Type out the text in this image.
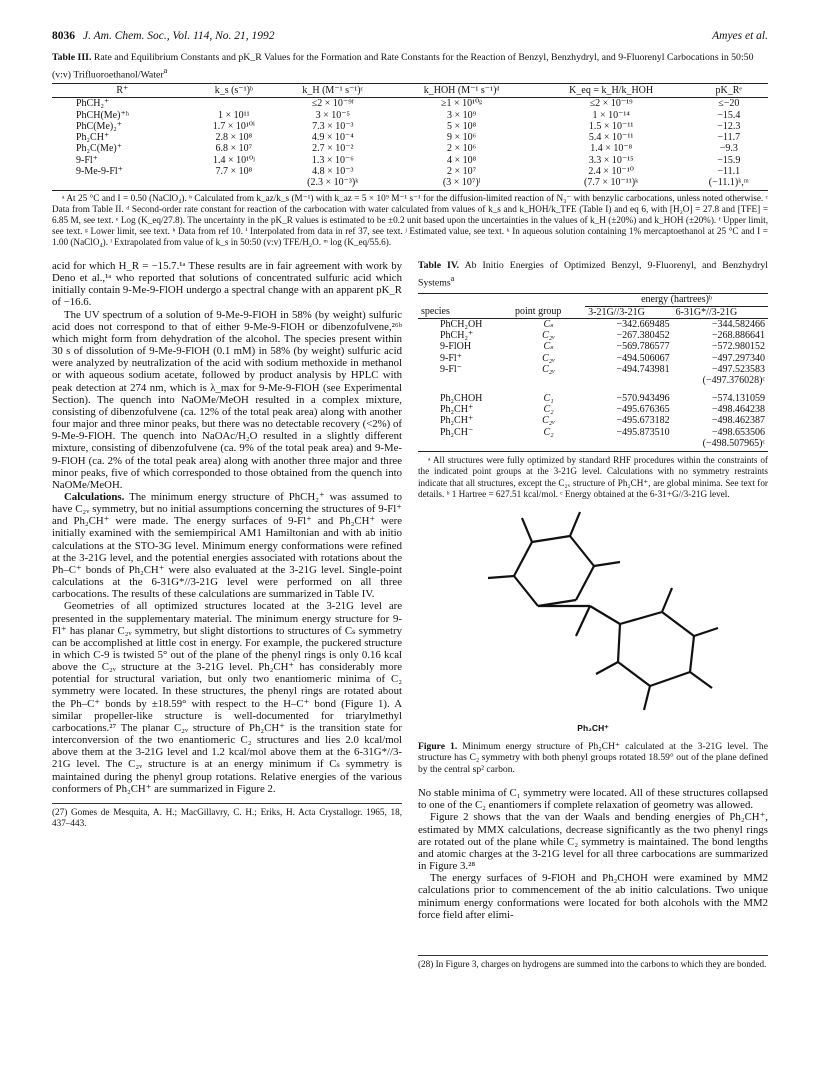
8036 J. Am. Chem. Soc., Vol. 114, No. 21, 1992	Amyes et al.
Table III. Rate and Equilibrium Constants and pK_R Values for the Formation and Rate Constants for the Reaction of Benzyl, Benzhydryl, and 9-Fluorenyl Carbocations in 50:50 (v:v) Trifluoroethanol/Water$^a$
R⁺	k_s (s⁻¹)ᵇ	k_H (M⁻¹ s⁻¹)ᶜ	k_HOH (M⁻¹ s⁻¹)ᵈ	K_eq = k_H/k_HOH	pK_Rᵉ
PhCH₂⁺		≤2 × 10⁻⁹ᶠ	≥1 × 10¹⁰ᵍ	≤2 × 10⁻¹⁹	≤−20
PhCH(Me)⁺ʰ	1 × 10¹¹	3 × 10⁻⁵	3 × 10⁹	1 × 10⁻¹⁴	−15.4
PhC(Me)₂⁺	1.7 × 10¹⁰ⁱ	7.3 × 10⁻³	5 × 10⁸	1.5 × 10⁻¹¹	−12.3
Ph₂CH⁺	2.8 × 10⁸	4.9 × 10⁻⁴	9 × 10⁶	5.4 × 10⁻¹¹	−11.7
Ph₂C(Me)⁺	6.8 × 10⁷	2.7 × 10⁻²	2 × 10⁶	1.4 × 10⁻⁸	−9.3
9-Fl⁺	1.4 × 10¹⁰ʲ	1.3 × 10⁻⁶	4 × 10⁸	3.3 × 10⁻¹⁵	−15.9
9-Me-9-Fl⁺	7.7 × 10⁸	4.8 × 10⁻³	2 × 10⁷	2.4 × 10⁻¹⁰	−11.1
		(2.3 × 10⁻³)ᵏ	(3 × 10⁷)ˡ	(7.7 × 10⁻¹¹)ᵏ	(−11.1)ᵏ,ᵐ
ᵃ At 25 °C and I = 0.50 (NaClO₄). ᵇ Calculated from k_az/k_s (M⁻¹) with k_az = 5 × 10⁹ M⁻¹ s⁻¹ for the diffusion-limited reaction of N₃⁻ with benzylic carbocations, unless noted otherwise. ᶜ Data from Table II. ᵈ Second-order rate constant for reaction of the carbocation with water calculated from values of k_s and k_HOH/k_TFE (Table I) and eq 6, with [H₂O] = 27.8 and [TFE] = 6.85 M, see text. ᵉ Log (K_eq/27.8). The uncertainty in the pK_R values is estimated to be ±0.2 unit based upon the uncertainties in the values of k_H (±20%) and k_HOH (±20%). ᶠ Upper limit, see text. ᵍ Lower limit, see text. ʰ Data from ref 10. ⁱ Interpolated from data in ref 37, see text. ʲ Estimated value, see text. ᵏ In aqueous solution containing 1% mercaptoethanol at 25 °C and I = 1.00 (NaClO₄). ˡ Extrapolated from value of k_s in 50:50 (v:v) TFE/H₂O. ᵐ log (K_eq/55.6).

acid for which H_R = −15.7.¹ᵃ These results are in fair agreement with work by Deno et al.,¹ᵃ who reported that solutions of concentrated sulfuric acid which initially contain 9-Me-9-FlOH undergo a spectral change with an apparent pK_R of −16.6.

The UV spectrum of a solution of 9-Me-9-FlOH in 58% (by weight) sulfuric acid does not correspond to that of either 9-Me-9-FlOH or dibenzofulvene,²⁶ᵇ which might form from dehydration of the alcohol. The species present within 30 s of dissolution of 9-Me-9-FlOH (0.1 mM) in 58% (by weight) sulfuric acid were analyzed by neutralization of the acid with sodium methoxide in methanol or with aqueous sodium acetate, followed by product analysis by HPLC with peak detection at 274 nm, which is λ_max for 9-Me-9-FlOH (see Experimental Section). The quench into NaOMe/MeOH resulted in a complex mixture, consisting of dibenzofulvene (ca. 12% of the total peak area) along with another four major and three minor peaks, but there was no detectable recovery (<2%) of 9-Me-9-FlOH. The quench into NaOAc/H₂O resulted in a slightly different mixture, consisting of dibenzofulvene (ca. 9% of the total peak area) and 9-Me-9-FlOH (ca. 2% of the total peak area) along with another three major and three minor peaks, five of which corresponded to those obtained from the quench into NaOMe/MeOH.

Calculations. The minimum energy structure of PhCH₂⁺ was assumed to have C₂ᵥ symmetry, but no initial assumptions concerning the structures of 9-Fl⁺ and Ph₂CH⁺ were made. The energy surfaces of 9-Fl⁺ and Ph₂CH⁺ were initially examined with the semiempirical AM1 Hamiltonian and with ab initio calculations at the STO-3G level. Minimum energy conformations were refined at the 3-21G level, and the potential energies associated with rotations about the Ph–C⁺ bonds of Ph₂CH⁺ were also evaluated at the 3-21G level. Single-point calculations at the 6-31G*//3-21G level were performed on all three carbocations. The results of these calculations are summarized in Table IV.

Geometries of all optimized structures located at the 3-21G level are presented in the supplementary material. The minimum energy structure for 9-Fl⁺ has planar C₂ᵥ symmetry, but slight distortions to structures of Cₛ symmetry can be accomplished at little cost in energy. For example, the puckered structure in which C-9 is twisted 5° out of the plane of the phenyl rings is only 0.16 kcal above the C₂ᵥ structure at the 3-21G level. Ph₂CH⁺ has considerably more potential for structural variation, but only two enantiomeric minima of C₂ symmetry were located. In these structures, the phenyl rings are rotated about the Ph–C⁺ bonds by ±18.59° with respect to the H–C⁺ bond (Figure 1). A similar propeller-like structure is well-documented for triarylmethyl carbocations.²⁷ The planar C₂ᵥ structure of Ph₂CH⁺ is the transition state for interconversion of the two enantiomeric C₂ structures and lies 2.0 kcal/mol above them at the 3-21G level and 1.2 kcal/mol above them at the 6-31G*//3-21G level. The C₂ᵥ structure is at an energy minimum if Cₛ symmetry is maintained during the phenyl group rotations. Relative energies of the various conformers of Ph₂CH⁺ are summarized in Figure 2.

(27) Gomes de Mesquita, A. H.; MacGillavry, C. H.; Eriks, H. Acta Crystallogr. 1965, 18, 437–443.
Table IV. Ab Initio Energies of Optimized Benzyl, 9-Fluorenyl, and Benzhydryl Systems$^a$
		energy (hartrees)ᵇ	
species	point group	3-21G//3-21G	6-31G*//3-21G
PhCH₂OH	Cₛ	−342.669485	−344.582466
PhCH₂⁺	C₂ᵥ	−267.380452	−268.886641
9-FlOH	Cₛ	−569.786577	−572.980152
9-Fl⁺	C₂ᵥ	−494.506067	−497.297340
9-Fl⁻	C₂ᵥ	−494.743981	−497.523583
			(−497.376028)ᶜ
Ph₂CHOH	C₁	−570.943496	−574.131059
Ph₂CH⁺	C₂	−495.676365	−498.464238
Ph₂CH⁺	C₂ᵥ	−495.673182	−498.462387
Ph₂CH⁻	C₂	−495.873510	−498.653506
			(−498.507965)ᶜ
ᵃ All structures were fully optimized by standard RHF procedures within the constraints of the indicated point groups at the 3-21G level. Calculations with no symmetry restraints indicate that all structures, except the C₂ᵥ structure of Ph₂CH⁺, are global minima. See text for details. ᵇ 1 Hartree = 627.51 kcal/mol. ᶜ Energy obtained at the 6-31+G//3-21G level.
Ph₂CH⁺
Figure 1. Minimum energy structure of Ph₂CH⁺ calculated at the 3-21G level. The structure has C₂ symmetry with both phenyl groups rotated 18.59° out of the plane defined by the central sp² carbon.

No stable minima of C₁ symmetry were located. All of these structures collapsed to one of the C₂ enantiomers if complete relaxation of geometry was allowed.

Figure 2 shows that the van der Waals and bending energies of Ph₂CH⁺, estimated by MMX calculations, decrease significantly as the two phenyl rings are rotated out of the plane while C₂ symmetry is maintained. The bond lengths and atomic charges at the 3-21G level for all three carbocations are summarized in Figure 3.²⁸

The energy surfaces of 9-FlOH and Ph₂CHOH were examined by MM2 calculations prior to commencement of the ab initio calculations. Two unique minimum energy conformations were located for both alcohols with the MM2 force field after elimi-

(28) In Figure 3, charges on hydrogens are summed into the carbons to which they are bonded.
